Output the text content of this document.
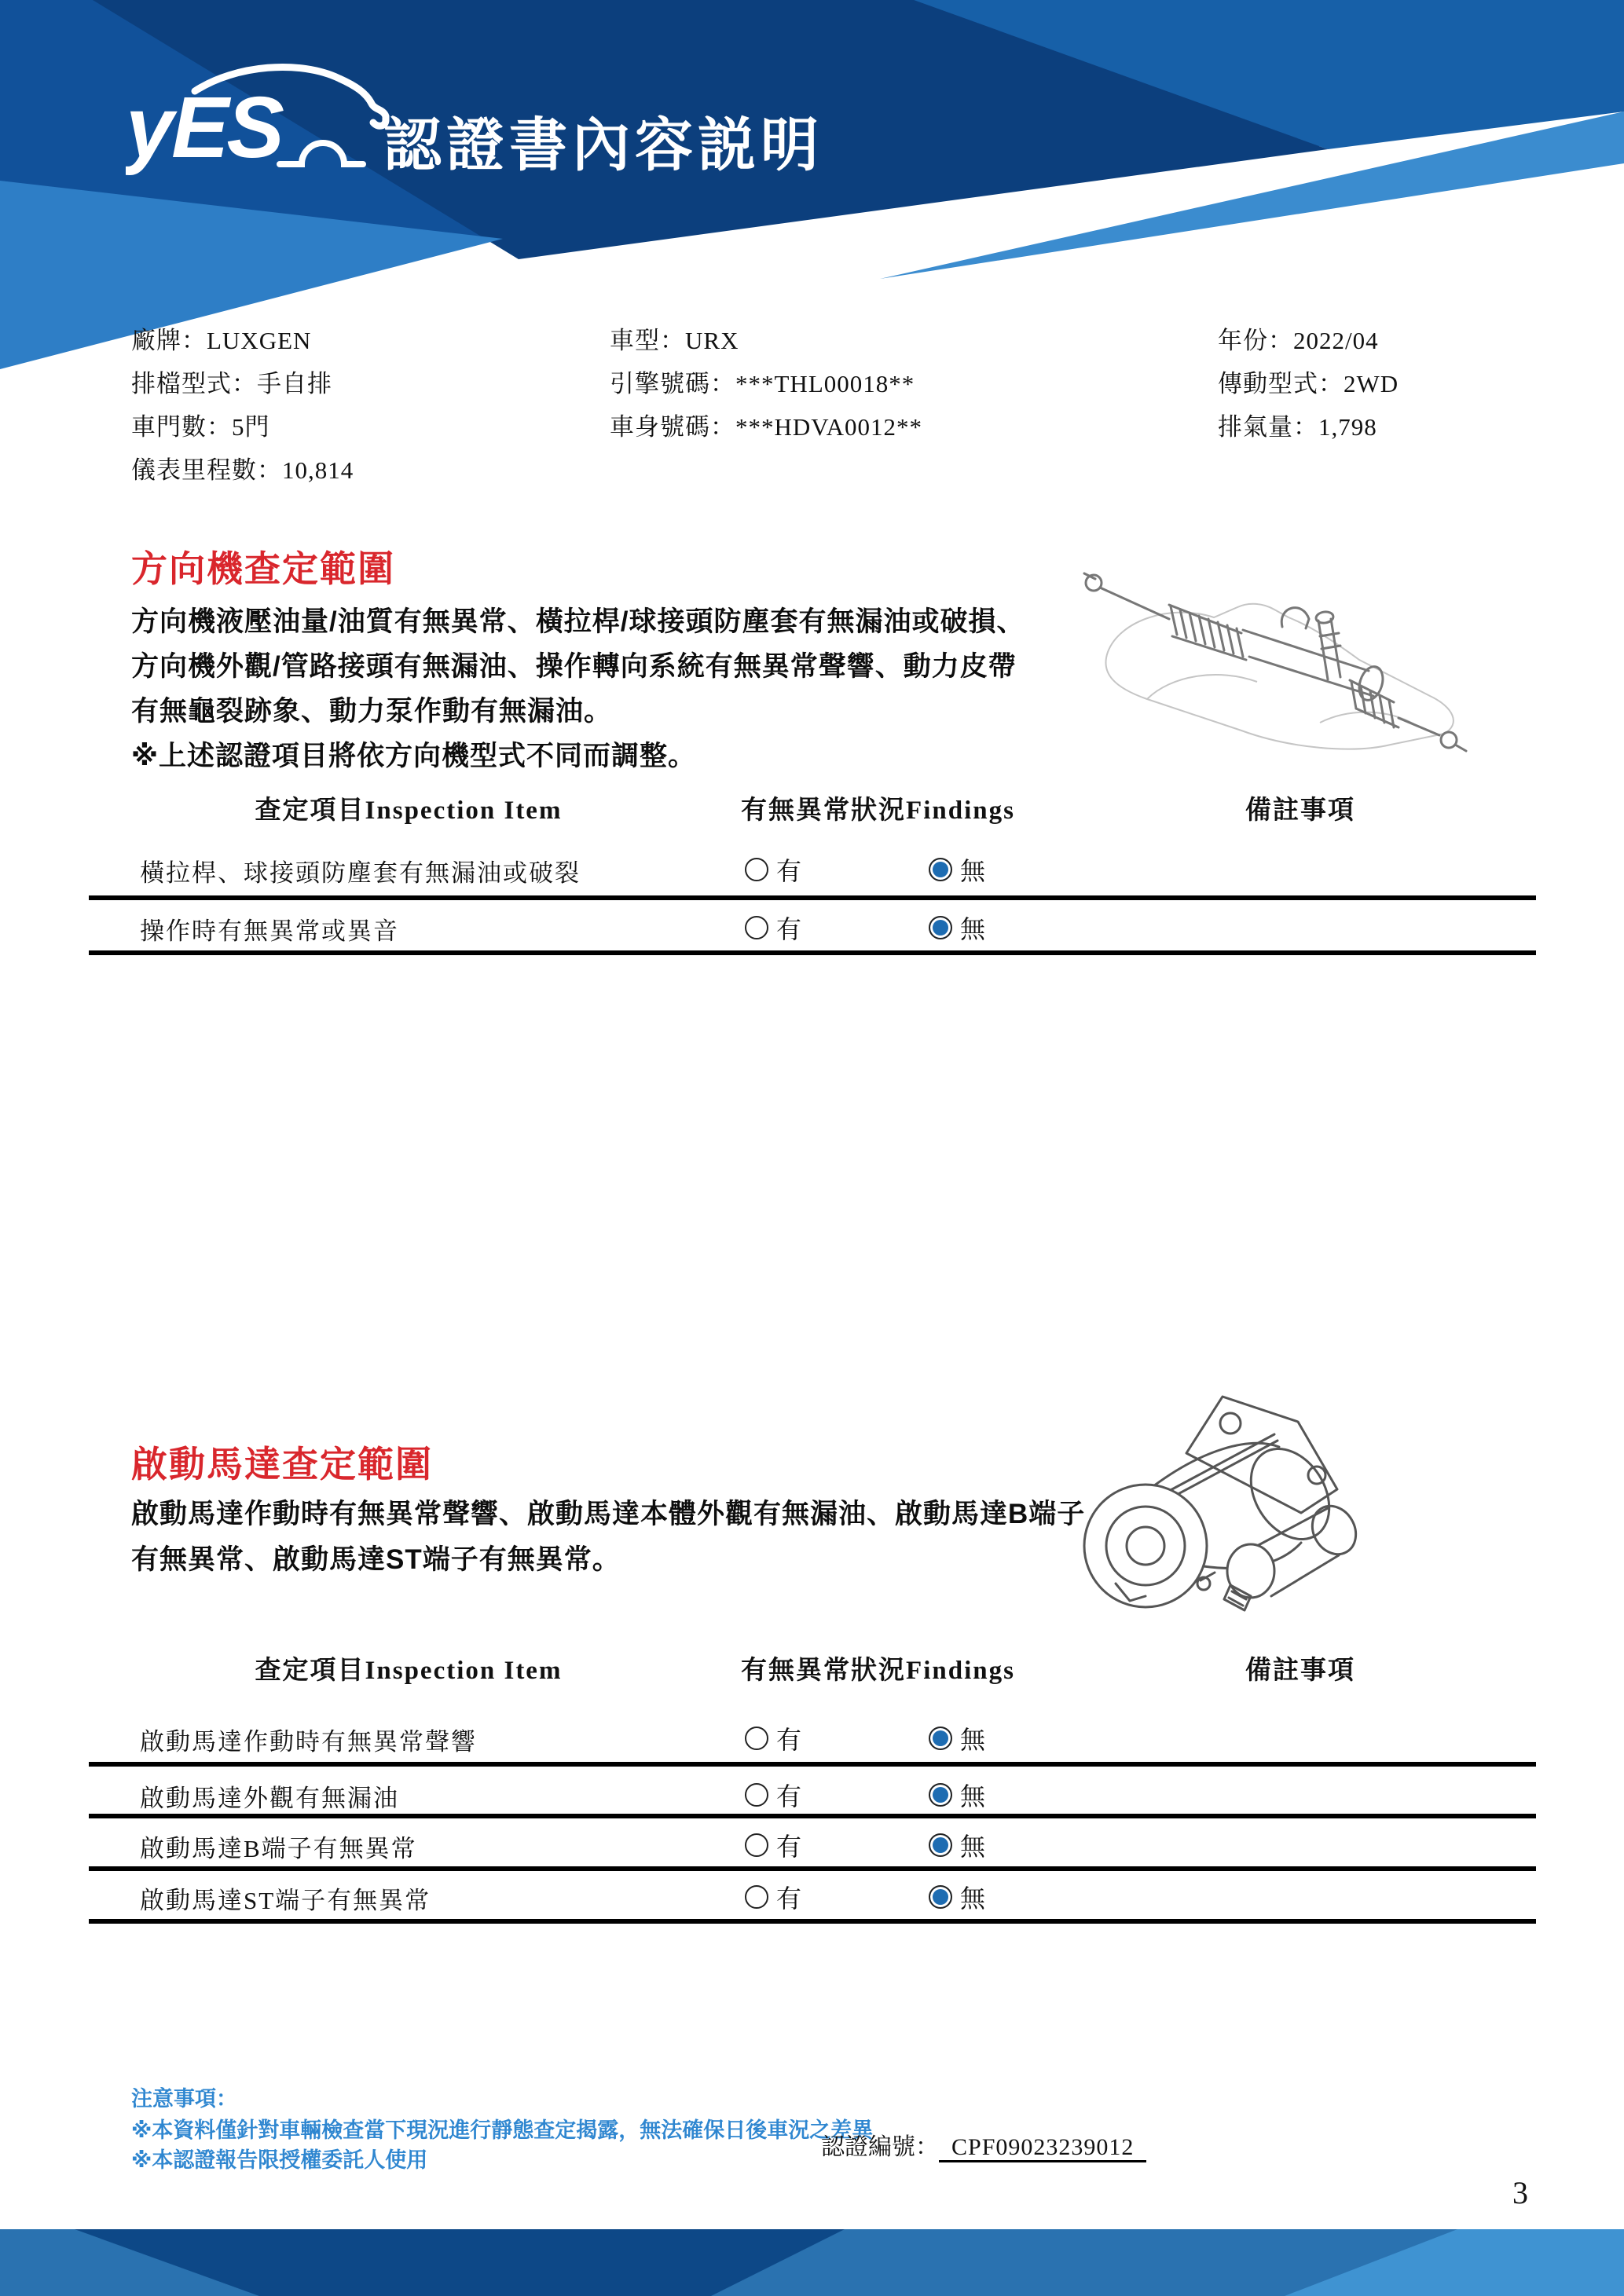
yES 認證書內容説明
廠牌：LUXGEN
排檔型式：手自排
車門數：5門
儀表里程數：10,814
車型：URX
引擎號碼：***THL00018**
車身號碼：***HDVA0012**
年份：2022/04
傳動型式：2WD
排氣量：1,798
方向機查定範圍
方向機液壓油量/油質有無異常、橫拉桿/球接頭防塵套有無漏油或破損、
方向機外觀/管路接頭有無漏油、操作轉向系統有無異常聲響、動力皮帶
有無龜裂跡象、動力泵作動有無漏油。
※上述認證項目將依方向機型式不同而調整。
查定項目Inspection Item	有無異常狀況Findings	備註事項
橫拉桿、球接頭防塵套有無漏油或破裂	有	無
操作時有無異常或異音	有	無
啟動馬達查定範圍
啟動馬達作動時有無異常聲響、啟動馬達本體外觀有無漏油、啟動馬達B端子
有無異常、啟動馬達ST端子有無異常。
查定項目Inspection Item	有無異常狀況Findings	備註事項
啟動馬達作動時有無異常聲響	有	無
啟動馬達外觀有無漏油	有	無
啟動馬達B端子有無異常	有	無
啟動馬達ST端子有無異常	有	無
注意事項：
※本資料僅針對車輛檢查當下現況進行靜態查定揭露，無法確保日後車況之差異
※本認證報告限授權委託人使用	認證編號： CPF09023239012
3
